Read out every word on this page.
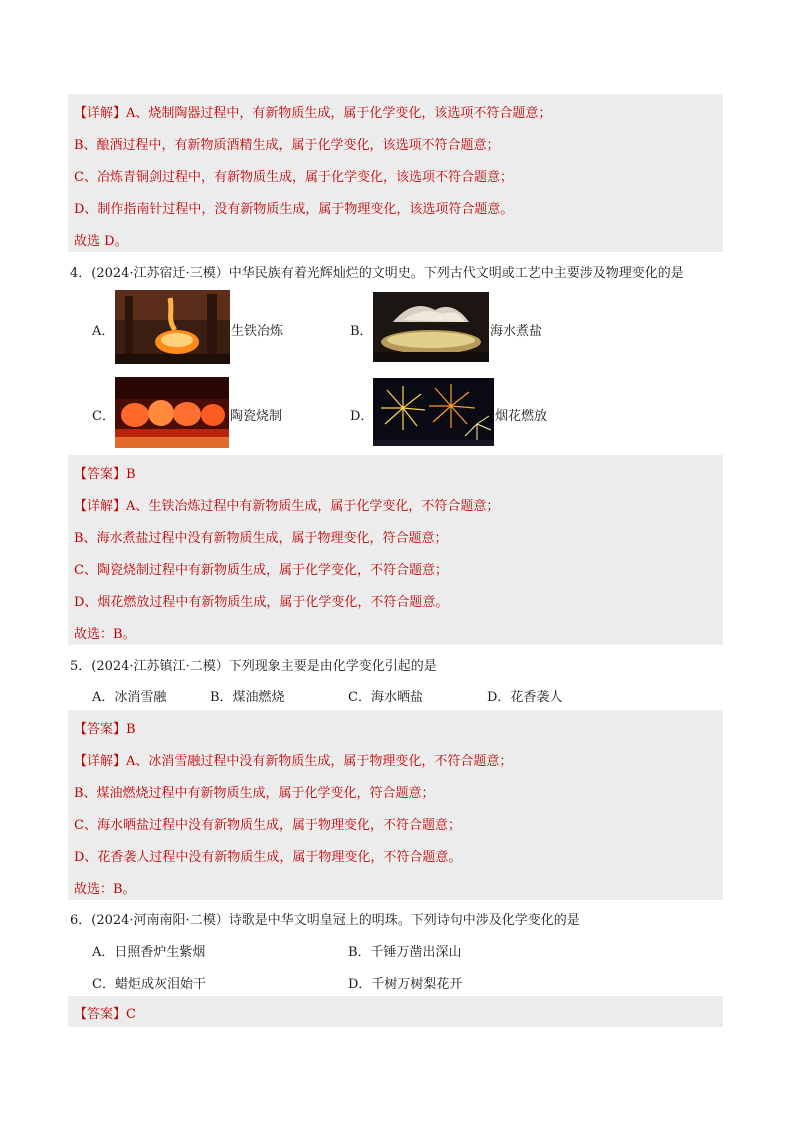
【详解】A、烧制陶器过程中，有新物质生成，属于化学变化，该选项不符合题意；
B、酿酒过程中，有新物质酒精生成，属于化学变化，该选项不符合题意；
C、冶炼青铜剑过程中，有新物质生成，属于化学变化，该选项不符合题意；
D、制作指南针过程中，没有新物质生成，属于物理变化，该选项符合题意。
故选 D。
4．(2024·江苏宿迁·三模）中华民族有着光辉灿烂的文明史。下列古代文明或工艺中主要涉及物理变化的是
A．	生铁冶炼	B．	海水煮盐
C．	陶瓷烧制	D．	烟花燃放
【答案】B
【详解】A、生铁冶炼过程中有新物质生成，属于化学变化，不符合题意；
B、海水煮盐过程中没有新物质生成，属于物理变化，符合题意；
C、陶瓷烧制过程中有新物质生成，属于化学变化，不符合题意；
D、烟花燃放过程中有新物质生成，属于化学变化，不符合题意。
故选：B。
5．(2024·江苏镇江·二模）下列现象主要是由化学变化引起的是
A．冰消雪融	B．煤油燃烧	C．海水晒盐	D．花香袭人
【答案】B
【详解】A、冰消雪融过程中没有新物质生成，属于物理变化，不符合题意；
B、煤油燃烧过程中有新物质生成，属于化学变化，符合题意；
C、海水晒盐过程中没有新物质生成，属于物理变化，不符合题意；
D、花香袭人过程中没有新物质生成，属于物理变化，不符合题意。
故选：B。
6．(2024·河南南阳·二模）诗歌是中华文明皇冠上的明珠。下列诗句中涉及化学变化的是
A．日照香炉生紫烟	B．千锤万凿出深山
C．蜡炬成灰泪始干	D．千树万树梨花开
【答案】C
